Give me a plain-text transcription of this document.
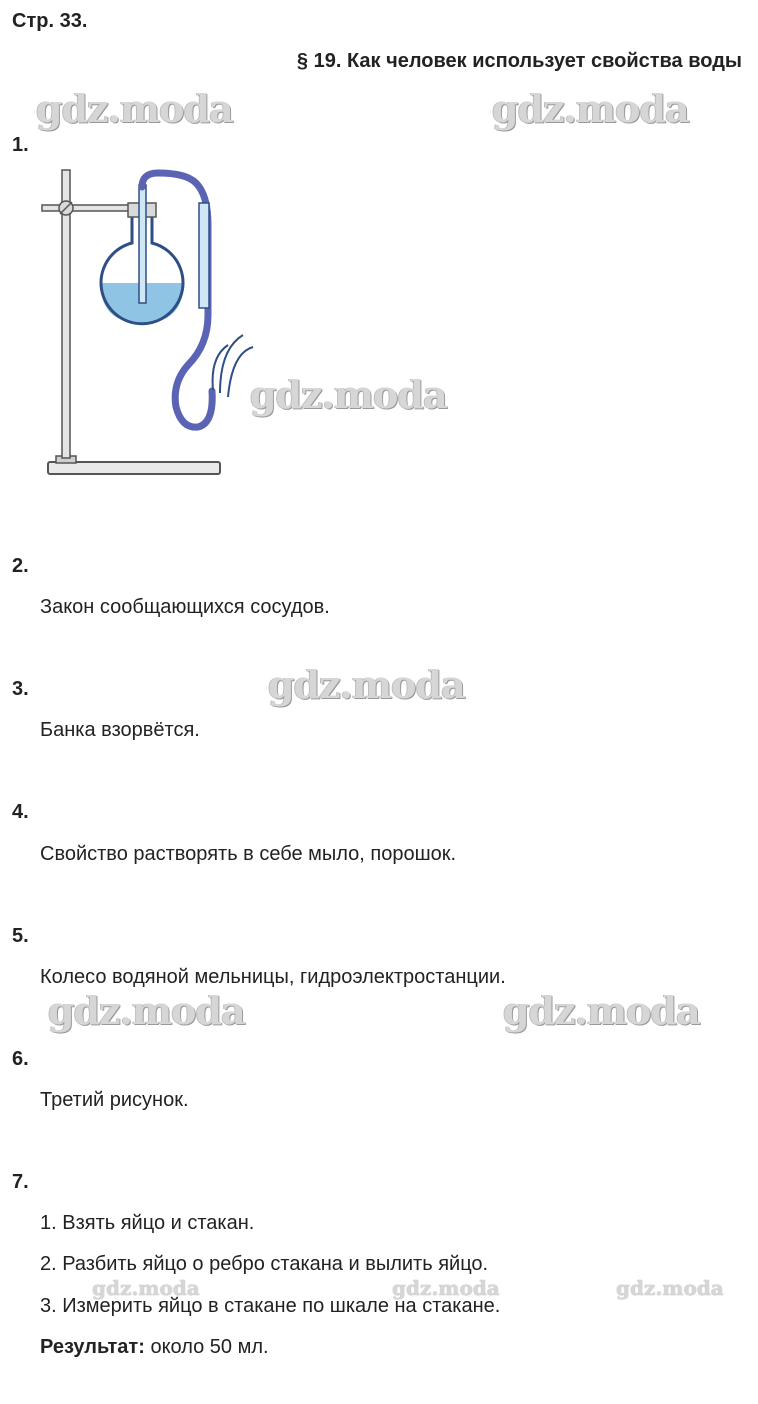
Стр. 33.
§ 19. Как человек использует свойства воды
gdz.moda	gdz.moda
gdz.moda
gdz.moda
gdz.moda	gdz.moda
gdz.moda	gdz.moda	gdz.moda
1.
2.
Закон сообщающихся сосудов.
3.
Банка взорвётся.
4.
Свойство растворять в себе мыло, порошок.
5.
Колесо водяной мельницы, гидроэлектростанции.
6.
Третий рисунок.
7.
1. Взять яйцо и стакан.
2. Разбить яйцо о ребро стакана и вылить яйцо.
3. Измерить яйцо в стакане по шкале на стакане.
Результат: около 50 мл.
